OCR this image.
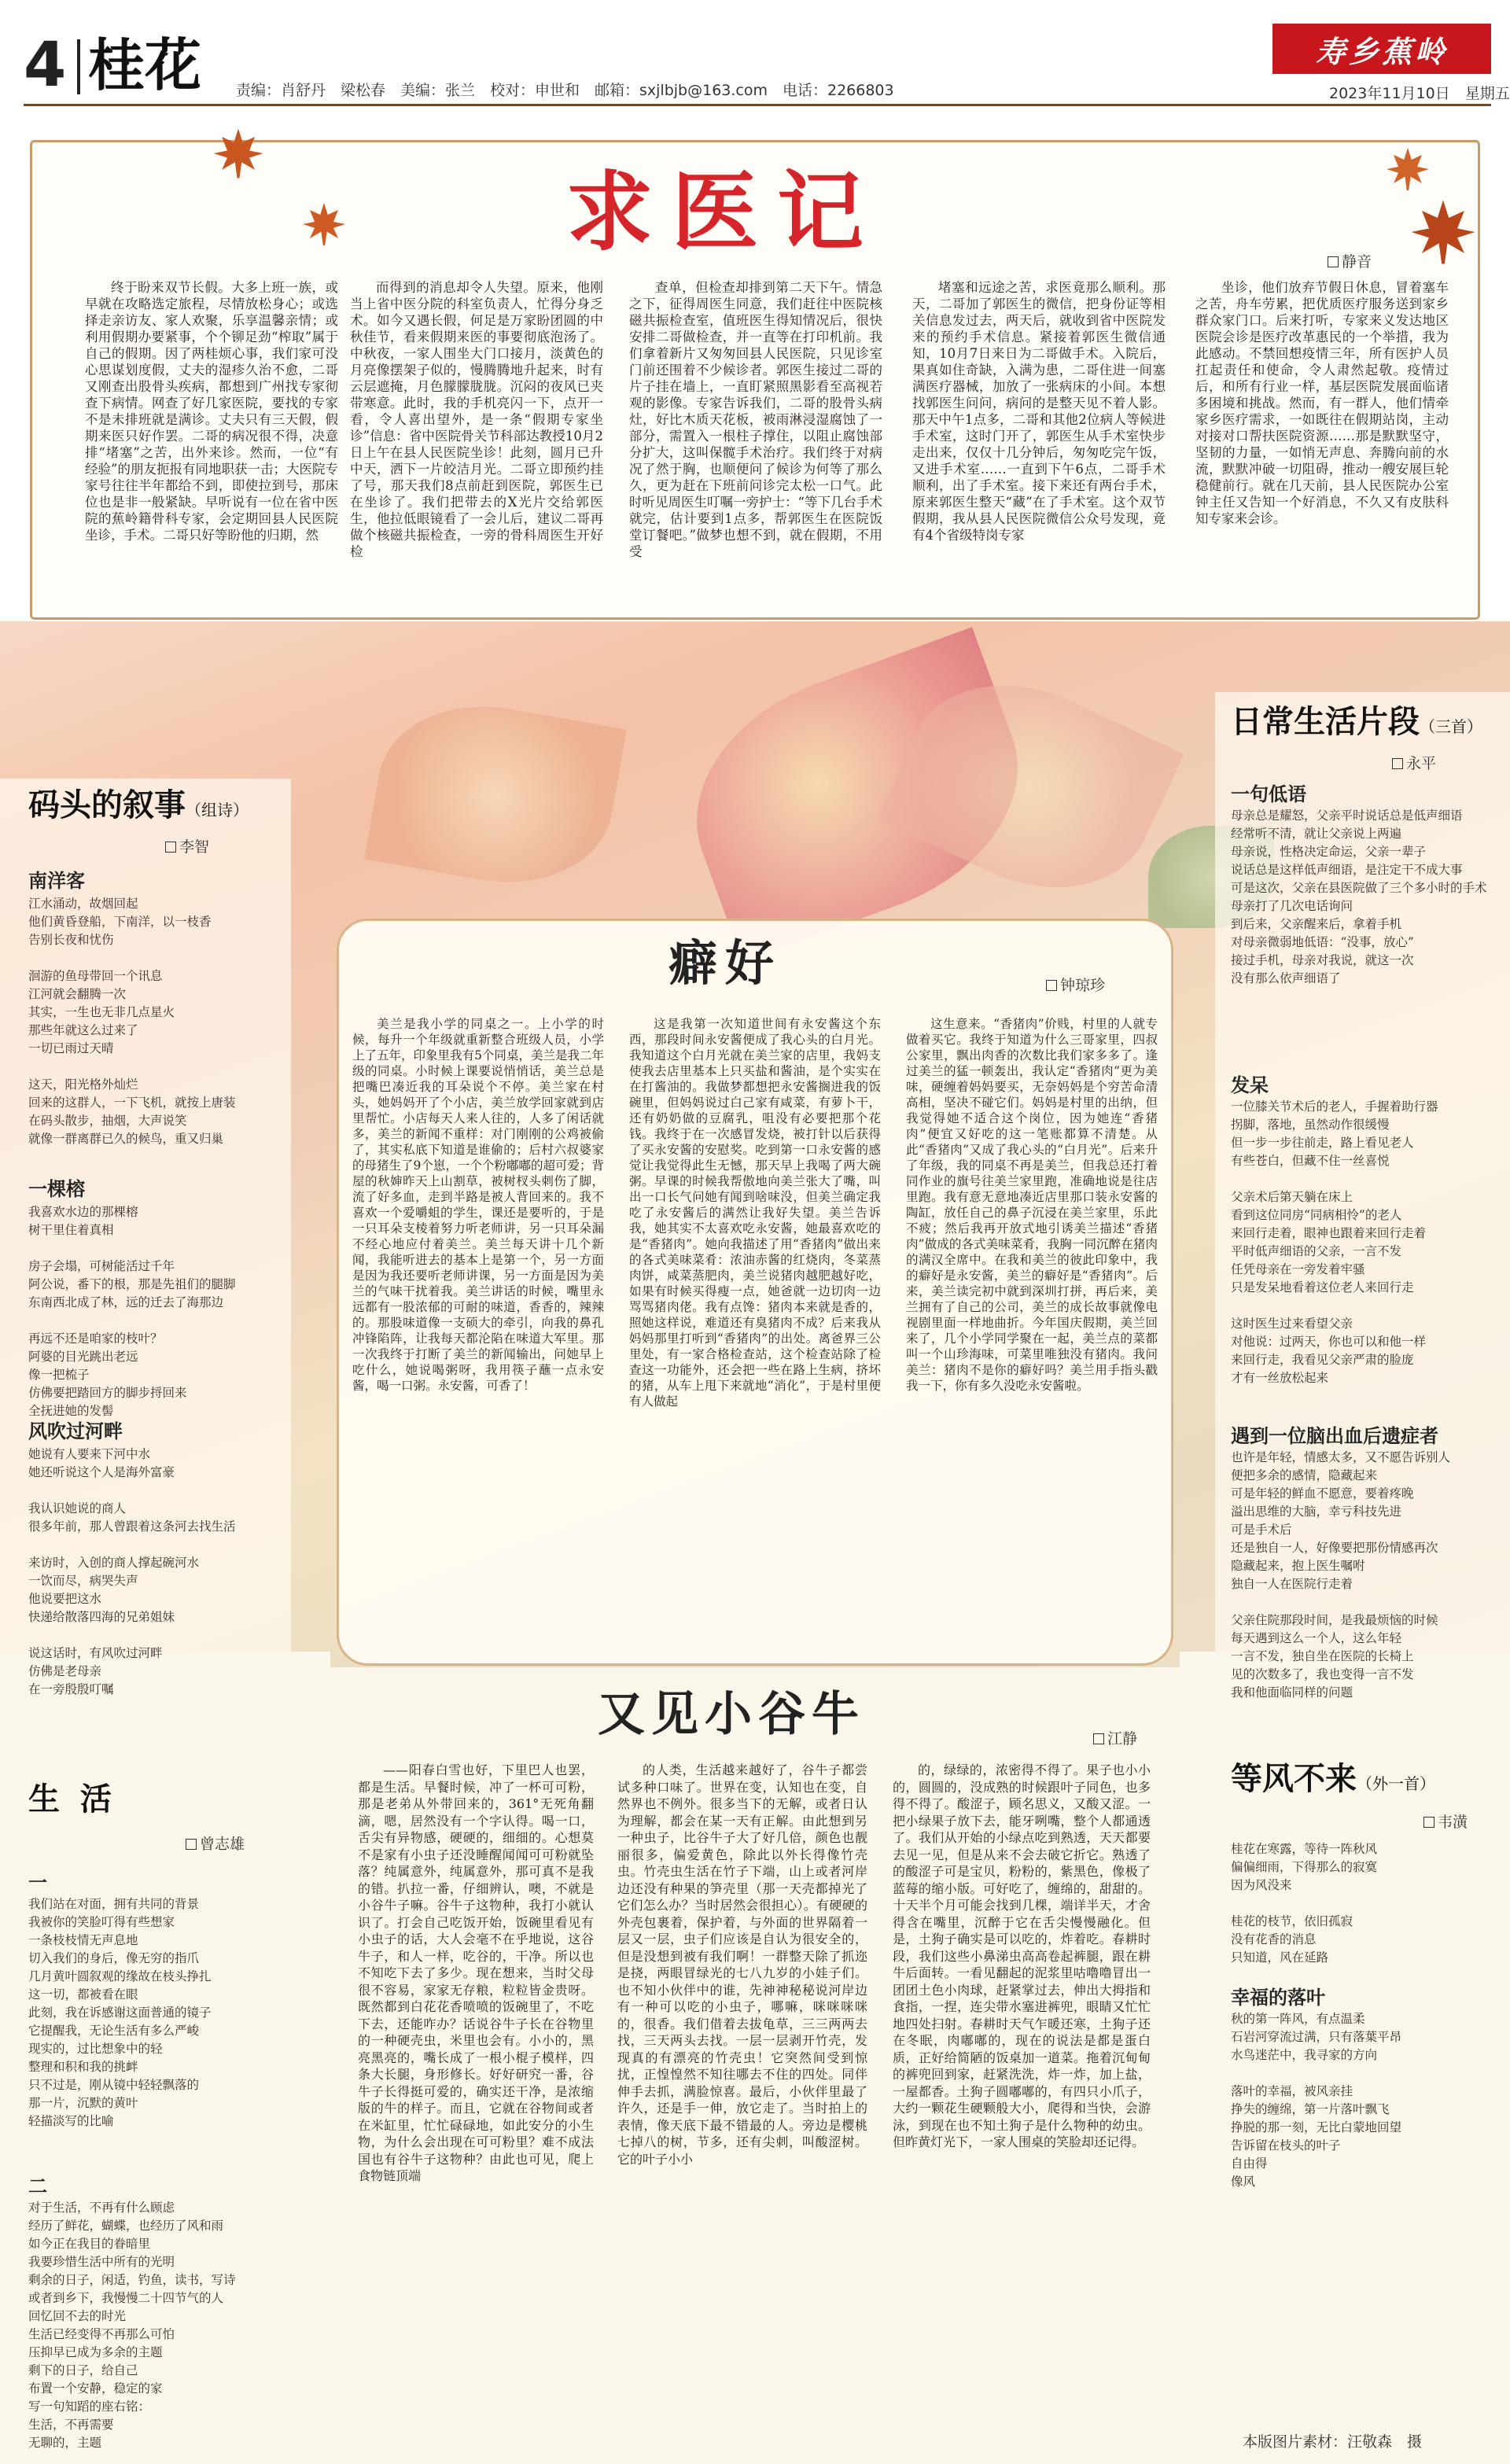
4 桂花 责编：肖舒丹　梁松春　美编：张兰　校对：申世和　邮箱：sxjlbjb@163.com　电话：2266803
寿乡蕉岭
2023年11月10日　星期五
求医记	静音
终于盼来双节长假。大多上班一族，或早就在攻略选定旅程，尽情放松身心；或选择走亲访友、家人欢聚，乐享温馨亲情；或利用假期办要紧事，个个铆足劲“榨取”属于自己的假期。因了两桂烦心事，我们家可没心思谋划度假，丈夫的湿疹久治不愈，二哥又刚查出股骨头疾病，都想到广州找专家彻查下病情。网查了好几家医院，要找的专家不是未排班就是满诊。丈夫只有三天假，假期来医只好作罢。二哥的病况很不得，决意排“堵塞”之苦，出外来诊。然而，一位“有经验”的朋友扼报有同地职获一击；大医院专家号往往半年都给不到，即使拉到号，那床位也是非一般紧缺。早听说有一位在省中医院的蕉岭籍骨科专家，会定期回县人民医院坐诊，手术。二哥只好等盼他的归期，然
而得到的消息却令人失望。原来，他刚当上省中医分院的科室负责人，忙得分身乏术。如今又遇长假，何足是万家盼团圆的中秋佳节，看来假期来医的事要彻底泡汤了。中秋夜，一家人围坐大门口接月，淡黄色的月亮像摆架子似的，慢腾腾地升起来，时有云层遮掩，月色朦朦胧胧。沉闷的夜风已夹带寒意。此时，我的手机亮闪一下，点开一看，令人喜出望外，是一条“假期专家坐诊”信息：省中医院骨关节科部达教授10月2日上午在县人民医院坐诊！此刻，圆月已升中天，洒下一片皎洁月光。二哥立即预约挂了号，那天我们8点前赶到医院，郭医生已在坐诊了。我们把带去的X光片交给郭医生，他拉低眼镜看了一会儿后，建议二哥再做个核磁共振检查，一旁的骨科周医生开好检
查单，但检查却排到第二天下午。情急之下，征得周医生同意，我们赶往中医院核磁共振检查室，值班医生得知情况后，很快安排二哥做检查，并一直等在打印机前。我们拿着新片又匆匆回县人民医院，只见诊室门前还围着不少候诊者。郭医生接过二哥的片子挂在墙上，一直盯紧照黑影看至高视若观的影像。专家告诉我们，二哥的股骨头病灶，好比木质天花板，被雨淋浸湿腐蚀了一部分，需置入一根柱子撑住，以阻止腐蚀部分扩大，这叫保髋手术治疗。我们终于对病况了然于胸，也顺便问了候诊为何等了那么久，更为赶在下班前问诊完太松一口气。此时听见周医生叮嘱一旁护士：“等下几台手术就完，估计要到1点多，帮郭医生在医院饭堂订餐吧。”做梦也想不到，就在假期，不用受
堵塞和远途之苦，求医竟那么顺利。那天，二哥加了郭医生的微信，把身份证等相关信息发过去，两天后，就收到省中医院发来的预约手术信息。紧接着郭医生微信通知，10月7日来日为二哥做手术。入院后，果真如住奇缺，入满为患，二哥住进一间塞满医疗器械，加放了一张病床的小间。本想找郭医生问问，病问的是整天见不着人影。那天中午1点多，二哥和其他2位病人等候进手术室，这时门开了，郭医生从手术室快步走出来，仅仅十几分钟后，匆匆吃完午饭，又进手术室……一直到下午6点，二哥手术顺利，出了手术室。接下来还有两台手术，原来郭医生整天“藏”在了手术室。这个双节假期，我从县人民医院微信公众号发现，竟有4个省级特岗专家
坐诊，他们放弃节假日休息，冒着塞车之苦，舟车劳累，把优质医疗服务送到家乡群众家门口。后来打听，专家来义发达地区医院会诊是医疗改革惠民的一个举措，我为此感动。不禁回想疫情三年，所有医护人员扛起责任和使命，令人肃然起敬。疫情过后，和所有行业一样，基层医院发展面临诸多困境和挑战。然而，有一群人，他们情牵家乡医疗需求，一如既往在假期站岗，主动对接对口帮扶医院资源……那是默默坚守，坚韧的力量，一如悄无声息、奔腾向前的水流，默默冲破一切阻碍，推动一艘安展巨轮稳健前行。就在几天前，县人民医院办公室钟主任又告知一个好消息，不久又有皮肤科知专家来会诊。
码头的叙事（组诗）
李智
南洋客
江水涌动，故烟回起
他们黄昏登船，下南洋，以一枝香
告别长夜和忧伤

洄游的鱼母带回一个讯息
江河就会翻腾一次
其实，一生也无非几点星火
那些年就这么过来了
一切已雨过天晴

这天，阳光格外灿烂
回来的这群人，一下飞机，就按上唐装
在码头散步，抽烟，大声说笑
就像一群离群已久的候鸟，重又归巢
一棵榕
我喜欢水边的那棵榕
树干里住着真相

房子会塌，可树能活过千年
阿公说，番下的根，那是先祖们的腿脚
东南西北成了林，远的迁去了海那边

再远不还是咱家的枝叶？
阿婆的目光跳出老远
像一把梳子
仿佛要把踏回方的脚步捋回来
全抚进她的发髻
风吹过河畔
她说有人要来下河中水
她还听说这个人是海外富豪

我认识她说的商人
很多年前，那人曾跟着这条河去找生活

来访时，入创的商人撑起碗河水
一饮而尽，病哭失声
他说要把这水
快递给散落四海的兄弟姐妹

说这话时，有风吹过河畔
仿佛是老母亲
在一旁殷殷叮嘱
生 活
曾志雄
一
我们站在对面，拥有共同的背景
我被你的笑脸叮得有些想家
一条枝枝情无声息地
切入我们的身后，像无穷的指爪
几月黄叶圆叙观的缘故在枝头挣扎
这一切，都被看在眼
此刻，我在诉感谢这面普通的镜子
它提醒我，无论生活有多么严峻
现实的，过比想象中的轻
整理和积和我的挑衅
只不过是，刚从镜中轻轻飘落的
那一片，沉默的黄叶
轻描淡写的比喻
二
对于生活，不再有什么顾虑
经历了鲜花，蝴蝶，也经历了风和雨
如今正在我目的眷暗里
我要珍惜生活中所有的光明
剩余的日子，闲适，钓鱼，读书，写诗
或者到乡下，我慢慢二十四节气的人
回忆回不去的时光
生活已经变得不再那么可怕
压抑早已成为多余的主题
剩下的日子，给自己
布置一个安静，稳定的家
写一句知蹈的座右铭：
生活，不再需要
无聊的，主题
日常生活片段（三首）
永平
一句低语
母亲总是耀怒，父亲平时说话总是低声细语
经常听不清，就让父亲说上两遍
母亲说，性格决定命运，父亲一辈子
说话总是这样低声细语，是注定干不成大事
可是这次，父亲在县医院做了三个多小时的手术
母亲打了几次电话询问
到后来，父亲醒来后，拿着手机
对母亲微弱地低语：“没事，放心”
接过手机，母亲对我说，就这一次
没有那么依声细语了
发呆
一位膝关节术后的老人，手握着助行器
拐脚，落地，虽然动作很缓慢
但一步一步往前走，路上看见老人
有些苍白，但藏不住一丝喜悦

父亲术后第天躺在床上
看到这位同房“同病相怜”的老人
来回行走着，眼神也跟着来回行走着
平时低声细语的父亲，一言不发
任凭母亲在一旁发着牢骚
只是发呆地看着这位老人来回行走

这时医生过来看望父亲
对他说：过两天，你也可以和他一样
来回行走，我看见父亲严肃的脸庞
才有一丝放松起来
遇到一位脑出血后遗症者
也许是年轻，情感太多，又不愿告诉别人
便把多余的感情，隐藏起来
可是年轻的鲜血不愿意，要着疼晚
溢出思维的大脑，幸亏科技先进
可是手术后
还是独自一人，好像要把那份情感再次
隐藏起来，抱上医生嘱咐
独自一人在医院行走着

父亲住院那段时间，是我最烦恼的时候
每天遇到这么一个人，这么年轻
一言不发，独自坐在医院的长椅上
见的次数多了，我也变得一言不发
我和他面临同样的问题
等风不来（外一首）
韦潢
桂花在寒露，等待一阵秋风
偏偏细雨，下得那么的寂寞
因为风没来

桂花的枝节，依旧孤寂
没有花香的消息
只知道，风在延路
幸福的落叶
秋的第一阵风，有点温柔
石岩河穿流过满，只有落葉平昂
水鸟迷茫中，我寻家的方向

落叶的幸福，被风亲挂
挣失的缠绵，第一片落叶飘飞
挣脱的那一刻，无比白蒙地回望
告诉留在枝头的叶子
自由得
像风
癖好	钟琼珍
美兰是我小学的同桌之一。上小学的时候，每升一个年级就重新整合班级人员，小学上了五年，印象里我有5个同桌，美兰是我二年级的同桌。小时候上课要说悄悄话，美兰总是把嘴巴凑近我的耳朵说个不停。美兰家在村头，她妈妈开了个小店，美兰放学回家就到店里帮忙。小店每天人来人往的，人多了闲话就多，美兰的新闻不重样：对门刚刚的公鸡被偷了，其实私底下知道是谁偷的；后村六叔婆家的母猪生了9个崽，一个个粉嘟嘟的超可爱；背屋的秋婶昨天上山割草，被树杈头刺伤了脚，流了好多血，走到半路是被人背回来的。我不喜欢一个爱嚼蛆的学生，课还是要听的，于是一只耳朵支棱着努力听老师讲，另一只耳朵漏不经心地应付着美兰。美兰每天讲十几个新闻，我能听进去的基本上是第一个，另一方面是因为我还要听老师讲课，另一方面是因为美兰的气味干扰着我。美兰讲话的时候，嘴里永远都有一股浓郁的可耐的味道，香香的，辣辣的。那股味道像一支硕大的牵引，向我的鼻孔冲锋陷阵，让我每天都沦陷在味道大军里。那一次我终于打断了美兰的新闻输出，问她早上吃什么，她说喝粥呀，我用筷子蘸一点永安酱，喝一口粥。永安酱，可香了！
这是我第一次知道世间有永安酱这个东西，那段时间永安酱便成了我心头的白月光。我知道这个白月光就在美兰家的店里，我妈支使我去店里基本上只买盐和酱油，是个实实在在打酱油的。我做梦都想把永安酱搁进我的饭碗里，但妈妈说过白己家有咸菜，有萝卜干，还有奶奶做的豆腐乳，咀没有必要把那个花钱。我终于在一次感冒发烧，被打针以后获得了买永安酱的安慰奖。吃到第一口永安酱的感觉让我觉得此生无憾，那天早上我喝了两大碗粥。早课的时候我帮傲地向美兰张大了嘴，叫出一口长气问她有闻到啥味没，但美兰确定我吃了永安酱后的满然让我好失望。美兰告诉我，她其实不太喜欢吃永安酱，她最喜欢吃的是“香猪肉”。她向我描述了用“香猪肉”做出来的各式美味菜肴：浓油赤酱的红烧肉，冬菜蒸肉饼，咸菜蒸肥肉，美兰说猪肉越肥越好吃，如果有时候买得瘦一点，她爸就一边切肉一边骂骂猪肉佬。我有点馋：猪肉本来就是香的，照她这样说，难道还有臭猪肉不成？后来我从妈妈那里打听到“香猪肉”的出处。离爸界三公里处，有一家合格检查站，这个检查站除了检查这一功能外，还会把一些在路上生病，挤坏的猪，从车上甩下来就地“消化”，于是村里便有人做起
这生意来。“香猪肉”价贱，村里的人就专做着买它。我终于知道为什么三哥家里，四叔公家里，飘出肉香的次数比我们家多多了。逢过美兰的猛一顿轰出，我认定“香猪肉”更为美味，硬缠着妈妈要买，无奈妈妈是个穷苦命清高相，坚决不碰它们。妈妈是村里的出纳，但我觉得她不适合这个岗位，因为她连“香猪肉”便宜又好吃的这一笔账都算不清楚。从此“香猪肉”又成了我心头的“白月光”。后来升了年级，我的同桌不再是美兰，但我总还打着同作业的旗号往美兰家里跑，准确地说是往店里跑。我有意无意地凑近店里那口装永安酱的陶缸，放任自己的鼻子沉浸在美兰家里，乐此不疲；然后我再开放式地引诱美兰描述“香猪肉”做成的各式美味菜肴，我胸一同沉醉在猪肉的满汉全席中。在我和美兰的彼此印象中，我的癖好是永安酱，美兰的癖好是“香猪肉”。后来，美兰读完初中就到深圳打拼，再后来，美兰拥有了自己的公司，美兰的成长故事就像电视剧里面一样地曲折。今年国庆假期，美兰回来了，几个小学同学聚在一起，美兰点的菜都叫一个山珍海味，可菜里唯独没有猪肉。我问美兰：猪肉不是你的癖好吗？美兰用手指头戳我一下，你有多久没吃永安酱啦。
又见小谷牛	江静
——阳春白雪也好，下里巴人也罢，都是生活。早餐时候，冲了一杯可可粉，那是老弟从外带回来的，361°无死角翻滴，嗯，居然没有一个字认得。喝一口，舌尖有异物感，硬硬的，细细的。心想莫不是家有小虫子还没睡醒闻闻可可粉就坠落？纯属意外，纯属意外，那可真不是我的错。扒拉一番，仔细辨认，噢，不就是小谷牛子嘛。谷牛子这物种，我打小就认识了。打会自己吃饭开始，饭碗里看见有小虫子的话，大人会毫不在乎地说，这谷牛子，和人一样，吃谷的，干净。所以也不知吃下去了多少。现在想来，当时父母很不容易，家家无存粮，粒粒皆金贵呀。既然都到白花花香喷喷的饭碗里了，不吃下去，还能咋办？话说谷牛子长在谷物里的一种硬壳虫，米里也会有。小小的，黑亮黑亮的，嘴长成了一根小棍子模样，四条大长腿，身形修长。好好研究一番，谷牛子长得挺可爱的，确实还干净，是浓缩版的牛的样子。而且，它就在谷物间或者在米缸里，忙忙碌碌地，如此安分的小生物，为什么会出现在可可粉里？难不成法国也有谷牛子这物种？由此也可见，爬上食物链顶端
的人类，生活越来越好了，谷牛子都尝试多种口味了。世界在变，认知也在变，自然界也不例外。很多当下的无解，或者日认为理解，都会在某一天有正解。由此想到另一种虫子，比谷牛子大了好几倍，颜色也靓丽很多，偏爱黄色，除此以外长得像竹壳虫。竹壳虫生活在竹子下端，山上或者河岸边还没有种果的笋壳里（那一天壳都掉光了它们怎么办？当时居然会很担心）。有硬硬的外壳包裹着，保护着，与外面的世界隔着一层又一层，虫子们应该是自认为很安全的，但是没想到被有我们啊！一群整天除了抓迩是挠，两眼冒绿光的七八九岁的小娃子们。也不知小伙伴中的谁，先神神秘秘说河岸边有一种可以吃的小虫子，哪嘛，咪咪咪咪的，很香。我们借着去拔龟草，三三两两去找，三天两头去找。一层一层剥开竹壳，发现真的有漂亮的竹壳虫！它突然间受到惊扰，正惶惶然不知往哪去不住的四处。同伴伸手去抓，满脸惊喜。最后，小伙伴里最了许久，还是手一伸，放它走了。当时拍上的表情，像天底下最不错最的人。旁边是樱桃七掉八的树，节多，还有尖刺，叫酸涩树。它的叶子小小
的，绿绿的，浓密得不得了。果子也小小的，圆圆的，没成熟的时候跟叶子同色，也多得不得了。酸涩子，顾名思义，又酸又涩。一把小绿果子放下去，能牙咧嘴，整个人都通透了。我们从开始的小绿点吃到熟透，天天都要去见一见，但是从来不会去破它折它。熟透了的酸涩子可是宝贝，粉粉的，紫黑色，像极了蓝莓的缩小版。可好吃了，缠绵的，甜甜的。十天半个月可能会找到几棵，端详半天，才舍得含在嘴里，沉醉于它在舌尖慢慢融化。但是，土狗子确实是可以吃的，炸着吃。春耕时段，我们这些小鼻涕虫高高卷起裤腿，跟在耕牛后面转。一看见翻起的泥浆里咕噜噜冒出一团团土色小肉球，赶紧掌过去，伸出大拇指和食指，一捏，连尖带水塞进裤兜，眼睛又忙忙地四处扫射。春耕时天气乍暖还寒，土狗子还在冬眠，肉嘟嘟的，现在的说法是都是蛋白质，正好给简陋的饭桌加一道菜。拖着沉甸甸的裤兜回到家，赶紧洗洗，炸一炸，加上盐，一屋都香。土狗子圆嘟嘟的，有四只小爪子，大约一颗花生硬颗般大小，爬得和当快，会游泳，到现在也不知土狗子是什么物种的幼虫。但昨黄灯光下，一家人围桌的笑脸却还记得。
本版图片素材：汪敬森　摄
